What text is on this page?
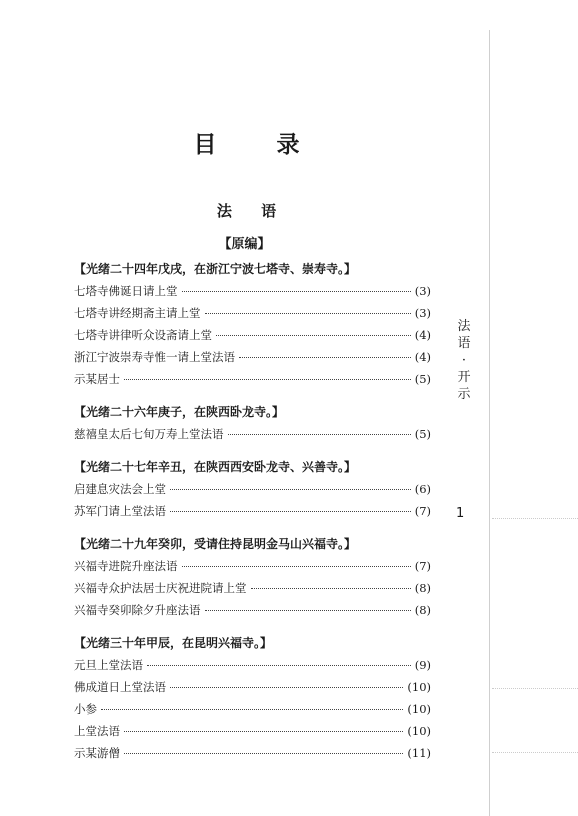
目 录
法 语
【原编】
【光绪二十四年戊戌，在浙江宁波七塔寺、崇寿寺。】
七塔寺佛诞日请上堂	(3)
七塔寺讲经期斋主请上堂	(3)
七塔寺讲律听众设斋请上堂	(4)
浙江宁波崇寿寺惟一请上堂法语	(4)
示某居士	(5)
【光绪二十六年庚子，在陕西卧龙寺。】
慈禧皇太后七旬万寿上堂法语	(5)
【光绪二十七年辛丑，在陕西西安卧龙寺、兴善寺。】
启建息灾法会上堂	(6)
苏军门请上堂法语	(7)
【光绪二十九年癸卯，受请住持昆明金马山兴福寺。】
兴福寺进院升座法语	(7)
兴福寺众护法居士庆祝进院请上堂	(8)
兴福寺癸卯除夕升座法语	(8)
【光绪三十年甲辰，在昆明兴福寺。】
元旦上堂法语	(9)
佛成道日上堂法语	(10)
小参	(10)
上堂法语	(10)
示某游僧	(11)
法
语
·
开
示
1
